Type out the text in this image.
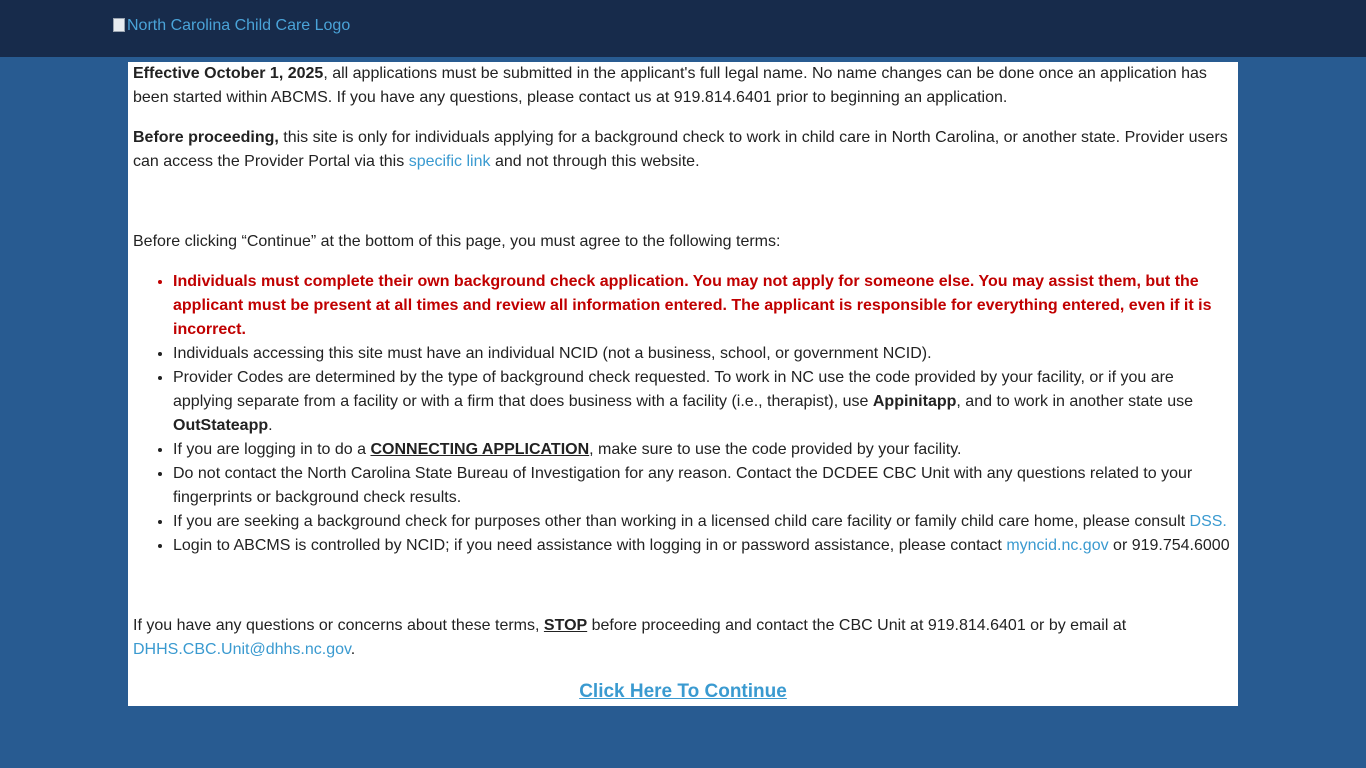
North Carolina Child Care Logo

Effective October 1, 2025, all applications must be submitted in the applicant's full legal name. No name changes can be done once an application has been started within ABCMS. If you have any questions, please contact us at 919.814.6401 prior to beginning an application.

Before proceeding, this site is only for individuals applying for a background check to work in child care in North Carolina, or another state. Provider users can access the Provider Portal via this specific link and not through this website.

Before clicking “Continue” at the bottom of this page, you must agree to the following terms:

• Individuals must complete their own background check application. You may not apply for someone else. You may assist them, but the applicant must be present at all times and review all information entered. The applicant is responsible for everything entered, even if it is incorrect.
• Individuals accessing this site must have an individual NCID (not a business, school, or government NCID).
• Provider Codes are determined by the type of background check requested. To work in NC use the code provided by your facility, or if you are applying separate from a facility or with a firm that does business with a facility (i.e., therapist), use Appinitapp, and to work in another state use OutStateapp.
• If you are logging in to do a CONNECTING APPLICATION, make sure to use the code provided by your facility.
• Do not contact the North Carolina State Bureau of Investigation for any reason. Contact the DCDEE CBC Unit with any questions related to your fingerprints or background check results.
• If you are seeking a background check for purposes other than working in a licensed child care facility or family child care home, please consult DSS.
• Login to ABCMS is controlled by NCID; if you need assistance with logging in or password assistance, please contact myncid.nc.gov or 919.754.6000

If you have any questions or concerns about these terms, STOP before proceeding and contact the CBC Unit at 919.814.6401 or by email at DHHS.CBC.Unit@dhhs.nc.gov.

Click Here To Continue
